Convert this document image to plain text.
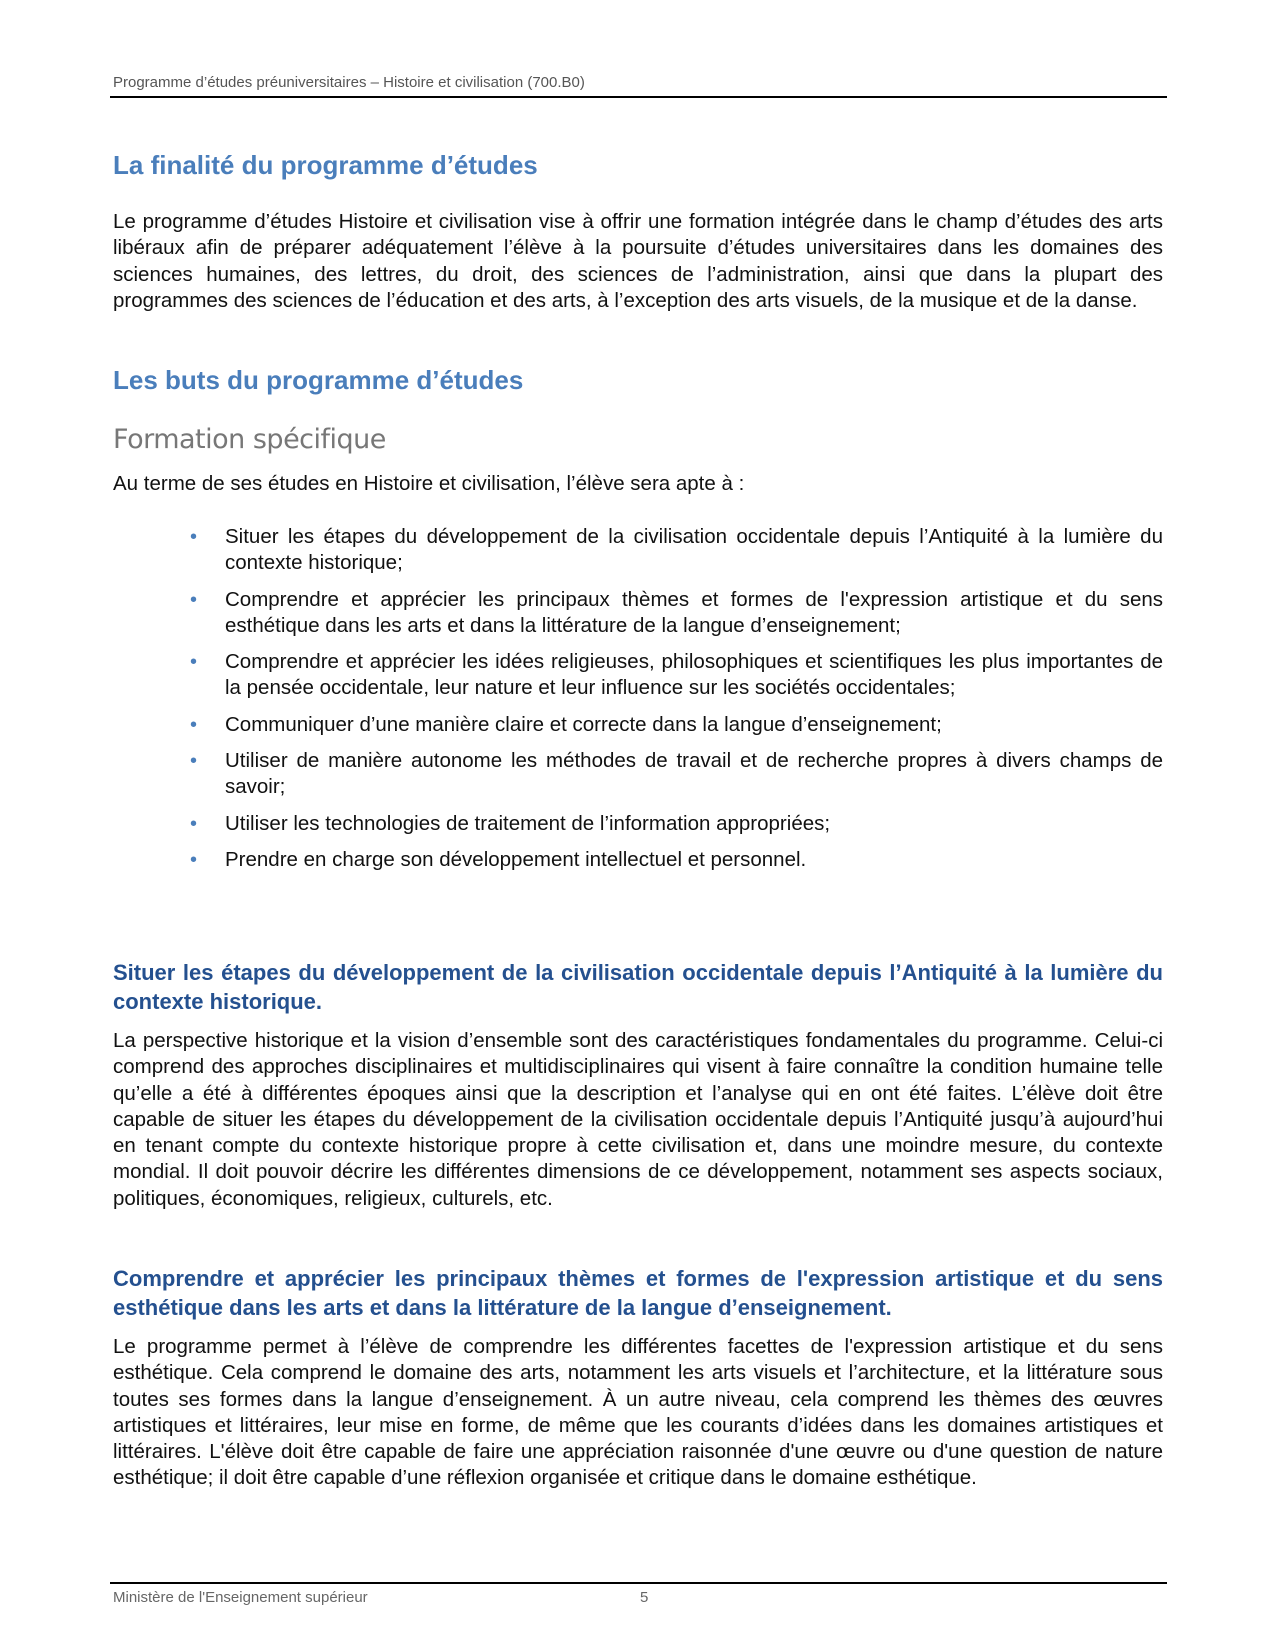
Programme d’études préuniversitaires – Histoire et civilisation (700.B0)
La finalité du programme d’études

Le programme d’études Histoire et civilisation vise à offrir une formation intégrée dans le champ d’études des arts libéraux afin de préparer adéquatement l’élève à la poursuite d’études universitaires dans les domaines des sciences humaines, des lettres, du droit, des sciences de l’administration, ainsi que dans la plupart des programmes des sciences de l’éducation et des arts, à l’exception des arts visuels, de la musique et de la danse.

Les buts du programme d’études
Formation spécifique

Au terme de ses études en Histoire et civilisation, l’élève sera apte à :

• Situer les étapes du développement de la civilisation occidentale depuis l’Antiquité à la lumière du contexte historique;
• Comprendre et apprécier les principaux thèmes et formes de l'expression artistique et du sens esthétique dans les arts et dans la littérature de la langue d’enseignement;
• Comprendre et apprécier les idées religieuses, philosophiques et scientifiques les plus importantes de la pensée occidentale, leur nature et leur influence sur les sociétés occidentales;
• Communiquer d’une manière claire et correcte dans la langue d’enseignement;
• Utiliser de manière autonome les méthodes de travail et de recherche propres à divers champs de savoir;
• Utiliser les technologies de traitement de l’information appropriées;
• Prendre en charge son développement intellectuel et personnel.
Situer les étapes du développement de la civilisation occidentale depuis l’Antiquité à la lumière du contexte historique.

La perspective historique et la vision d’ensemble sont des caractéristiques fondamentales du programme. Celui-ci comprend des approches disciplinaires et multidisciplinaires qui visent à faire connaître la condition humaine telle qu’elle a été à différentes époques ainsi que la description et l’analyse qui en ont été faites. L’élève doit être capable de situer les étapes du développement de la civilisation occidentale depuis l’Antiquité jusqu’à aujourd’hui en tenant compte du contexte historique propre à cette civilisation et, dans une moindre mesure, du contexte mondial. Il doit pouvoir décrire les différentes dimensions de ce développement, notamment ses aspects sociaux, politiques, économiques, religieux, culturels, etc.

Comprendre et apprécier les principaux thèmes et formes de l'expression artistique et du sens esthétique dans les arts et dans la littérature de la langue d’enseignement.

Le programme permet à l’élève de comprendre les différentes facettes de l'expression artistique et du sens esthétique. Cela comprend le domaine des arts, notamment les arts visuels et l’architecture, et la littérature sous toutes ses formes dans la langue d’enseignement. À un autre niveau, cela comprend les thèmes des œuvres artistiques et littéraires, leur mise en forme, de même que les courants d’idées dans les domaines artistiques et littéraires. L'élève doit être capable de faire une appréciation raisonnée d'une œuvre ou d'une question de nature esthétique; il doit être capable d’une réflexion organisée et critique dans le domaine esthétique.

Ministère de l'Enseignement supérieur	5
